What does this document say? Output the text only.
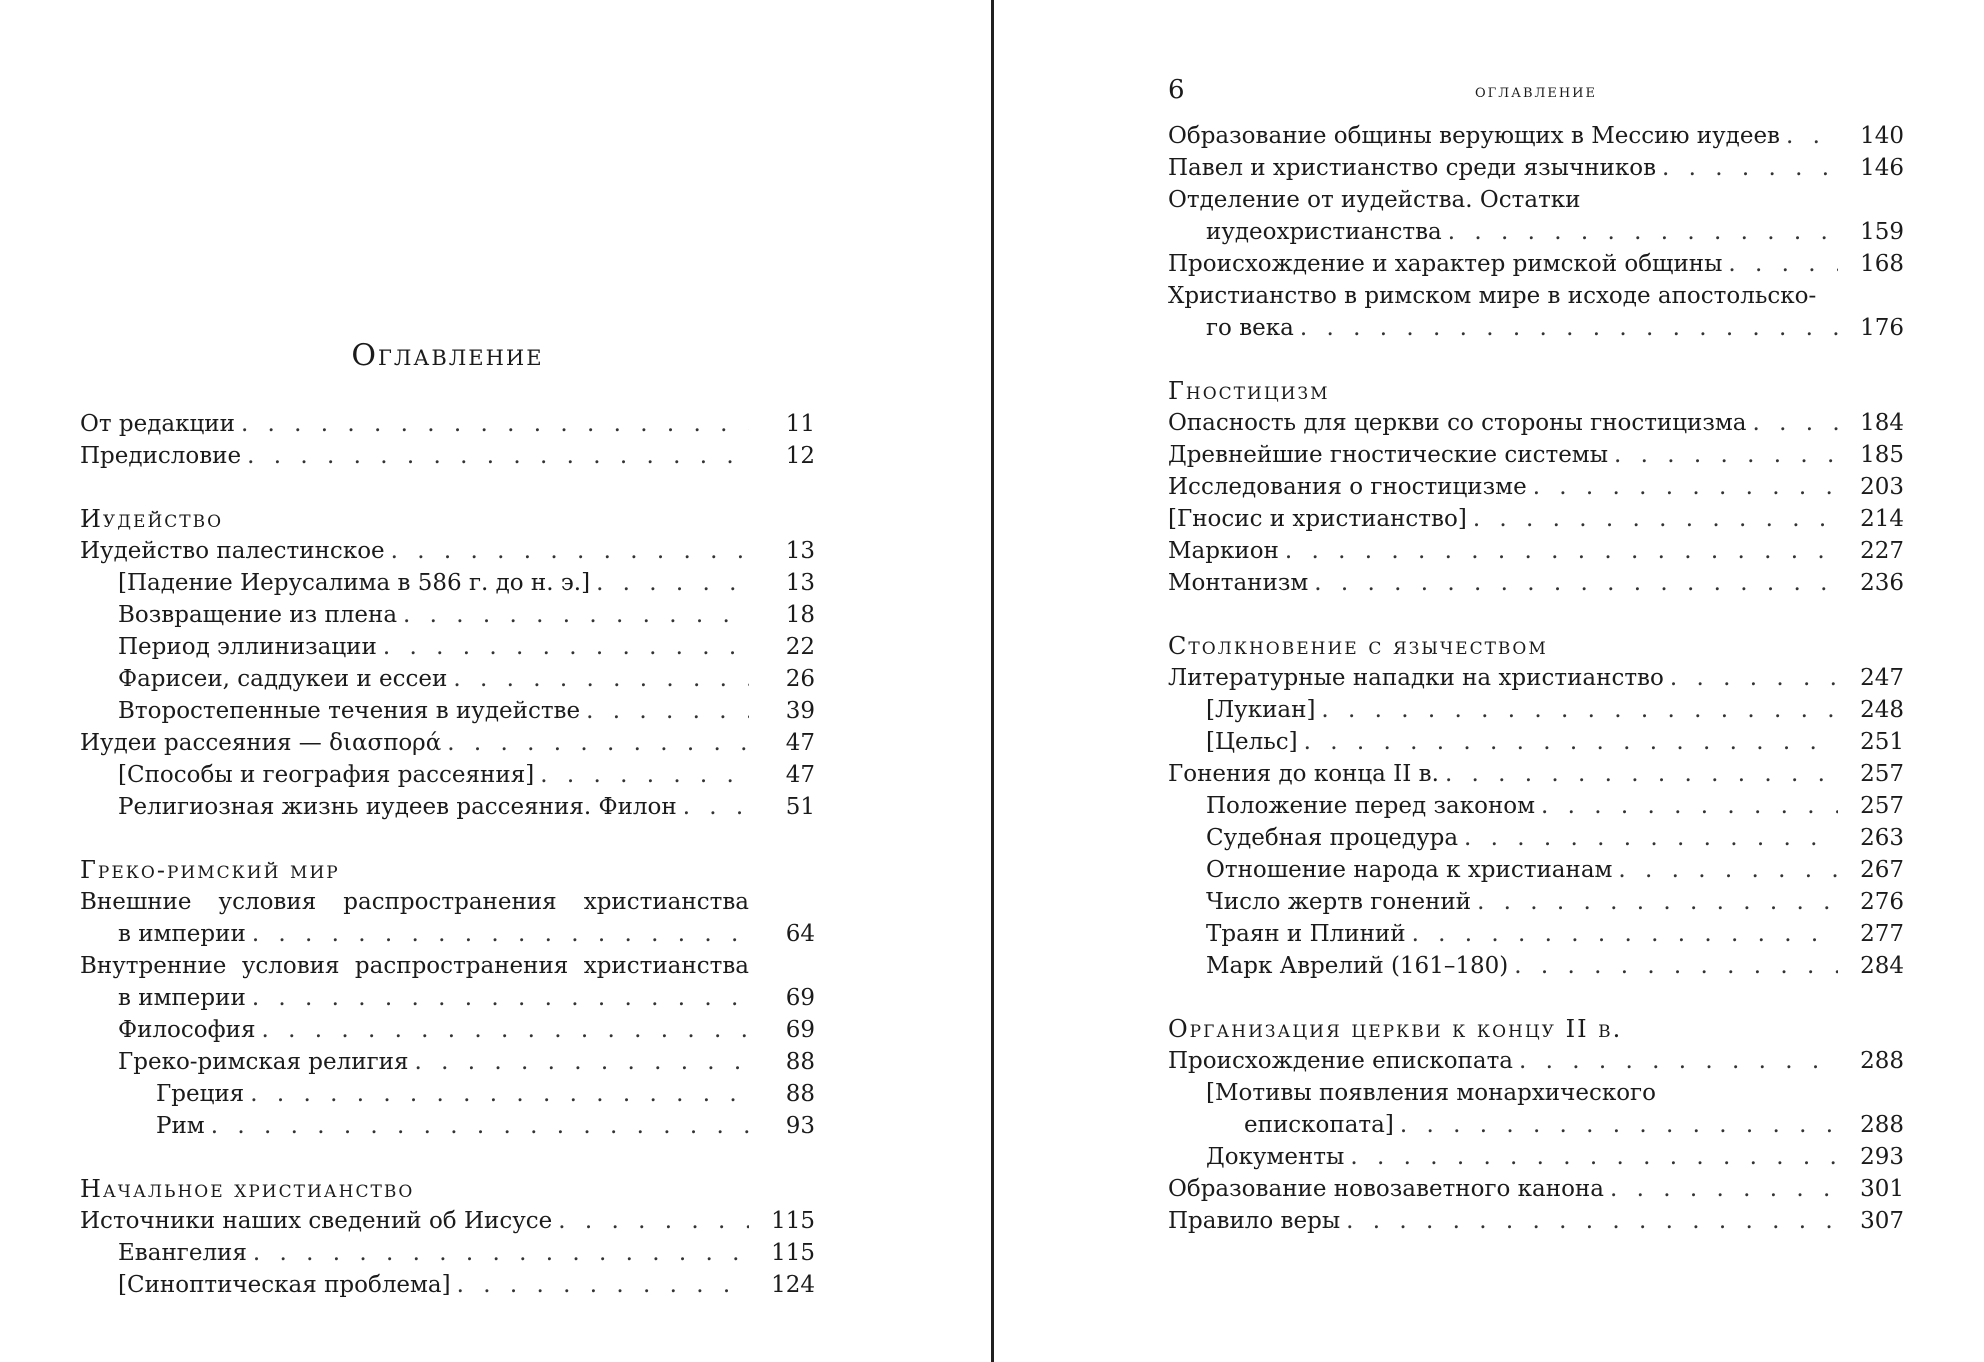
Оглавление
От редакции . . .	11
Предисловие . . .	12
Иудейство
Иудейство палестинское . . .	13
[Падение Иерусалима в 586 г. до н. э.] . . .	13
Возвращение из плена . . .	18
Период эллинизации . . .	22
Фарисеи, саддукеи и ессеи . . .	26
Второстепенные течения в иудействе . . .	39
Иудеи рассеяния — διασπορά . . .	47
[Способы и география рассеяния] . . .	47
Религиозная жизнь иудеев рассеяния. Филон . . .	51
Греко-римский мир
Внешние условия распространения христианства
в империи . . .	64
Внутренние условия распространения христианства
в империи . . .	69
Философия . . .	69
Греко-римская религия . . .	88
Греция . . .	88
Рим . . .	93
Начальное христианство
Источники наших сведений об Иисусе . . .	115
Евангелия . . .	115
[Синоптическая проблема] . . .	124
6	оглавление
Образование общины верующих в Мессию иудеев . . .	140
Павел и христианство среди язычников . . .	146
Отделение от иудейства. Остатки
иудеохристианства . . .	159
Происхождение и характер римской общины . . .	168
Христианство в римском мире в исходе апостольско-
го века . . .	176
Гностицизм
Опасность для церкви со стороны гностицизма . . .	184
Древнейшие гностические системы . . .	185
Исследования о гностицизме . . .	203
[Гносис и христианство] . . .	214
Маркион . . .	227
Монтанизм . . .	236
Столкновение с язычеством
Литературные нападки на христианство . . .	247
[Лукиан] . . .	248
[Цельс] . . .	251
Гонения до конца II в. . . .	257
Положение перед законом . . .	257
Судебная процедура . . .	263
Отношение народа к христианам . . .	267
Число жертв гонений . . .	276
Траян и Плиний . . .	277
Марк Аврелий (161–180) . . .	284
Организация церкви к концу II в.
Происхождение епископата . . .	288
[Мотивы появления монархического
епископата] . . .	288
Документы . . .	293
Образование новозаветного канона . . .	301
Правило веры . . .	307
